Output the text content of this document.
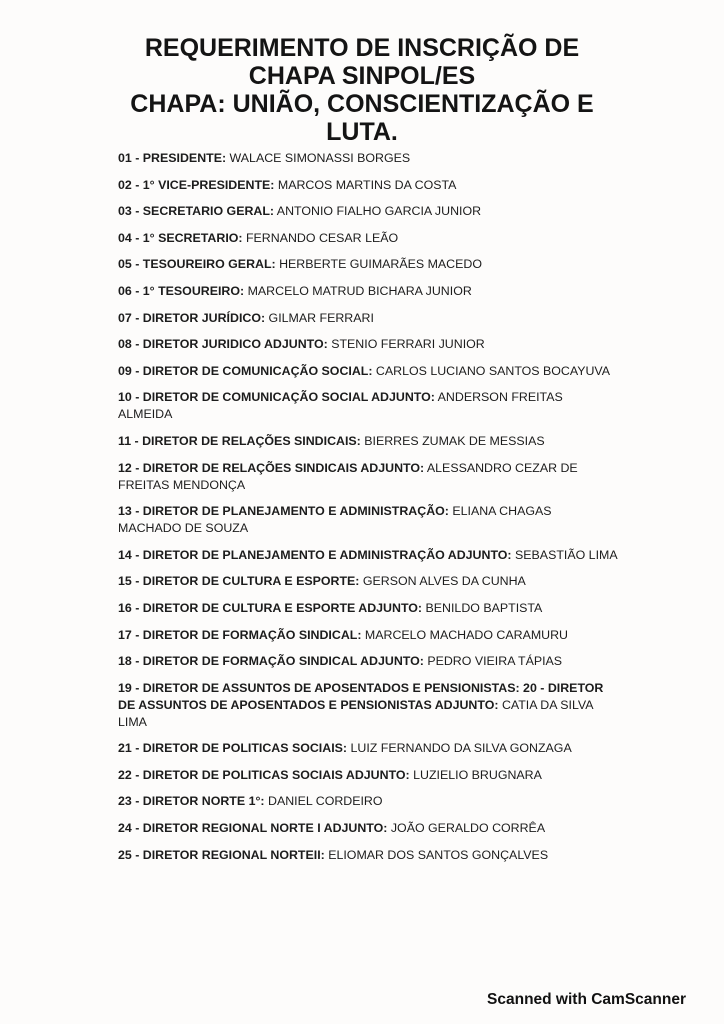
REQUERIMENTO DE INSCRIÇÃO DE
CHAPA SINPOL/ES
CHAPA: UNIÃO, CONSCIENTIZAÇÃO E
LUTA.
01 - PRESIDENTE: WALACE SIMONASSI BORGES
02 - 1° VICE-PRESIDENTE: MARCOS MARTINS DA COSTA
03 - SECRETARIO GERAL: ANTONIO FIALHO GARCIA JUNIOR
04 - 1° SECRETARIO: FERNANDO CESAR LEÃO
05 - TESOUREIRO GERAL: HERBERTE GUIMARÃES MACEDO
06 - 1° TESOUREIRO: MARCELO MATRUD BICHARA JUNIOR
07 - DIRETOR JURÍDICO: GILMAR FERRARI
08 - DIRETOR JURIDICO ADJUNTO: STENIO FERRARI JUNIOR
09 - DIRETOR DE COMUNICAÇÃO SOCIAL: CARLOS LUCIANO SANTOS BOCAYUVA
10 - DIRETOR DE COMUNICAÇÃO SOCIAL ADJUNTO: ANDERSON FREITAS ALMEIDA
11 - DIRETOR DE RELAÇÕES SINDICAIS: BIERRES ZUMAK DE MESSIAS
12 - DIRETOR DE RELAÇÕES SINDICAIS ADJUNTO: ALESSANDRO CEZAR DE FREITAS MENDONÇA
13 - DIRETOR DE PLANEJAMENTO E ADMINISTRAÇÃO: ELIANA CHAGAS MACHADO DE SOUZA
14 - DIRETOR DE PLANEJAMENTO E ADMINISTRAÇÃO ADJUNTO: SEBASTIÃO LIMA
15 - DIRETOR DE CULTURA E ESPORTE: GERSON ALVES DA CUNHA
16 - DIRETOR DE CULTURA E ESPORTE ADJUNTO: BENILDO BAPTISTA
17 - DIRETOR DE FORMAÇÃO SINDICAL: MARCELO MACHADO CARAMURU
18 - DIRETOR DE FORMAÇÃO SINDICAL ADJUNTO: PEDRO VIEIRA TÁPIAS
19 - DIRETOR DE ASSUNTOS DE APOSENTADOS E PENSIONISTAS: 20 - DIRETOR DE ASSUNTOS DE APOSENTADOS E PENSIONISTAS ADJUNTO: CATIA DA SILVA LIMA
21 - DIRETOR DE POLITICAS SOCIAIS: LUIZ FERNANDO DA SILVA GONZAGA
22 - DIRETOR DE POLITICAS SOCIAIS ADJUNTO: LUZIELIO BRUGNARA
23 - DIRETOR NORTE 1°: DANIEL CORDEIRO
24 - DIRETOR REGIONAL NORTE I ADJUNTO: JOÃO GERALDO CORRÊA
25 - DIRETOR REGIONAL NORTEII: ELIOMAR DOS SANTOS GONÇALVES
Scanned with CamScanner
